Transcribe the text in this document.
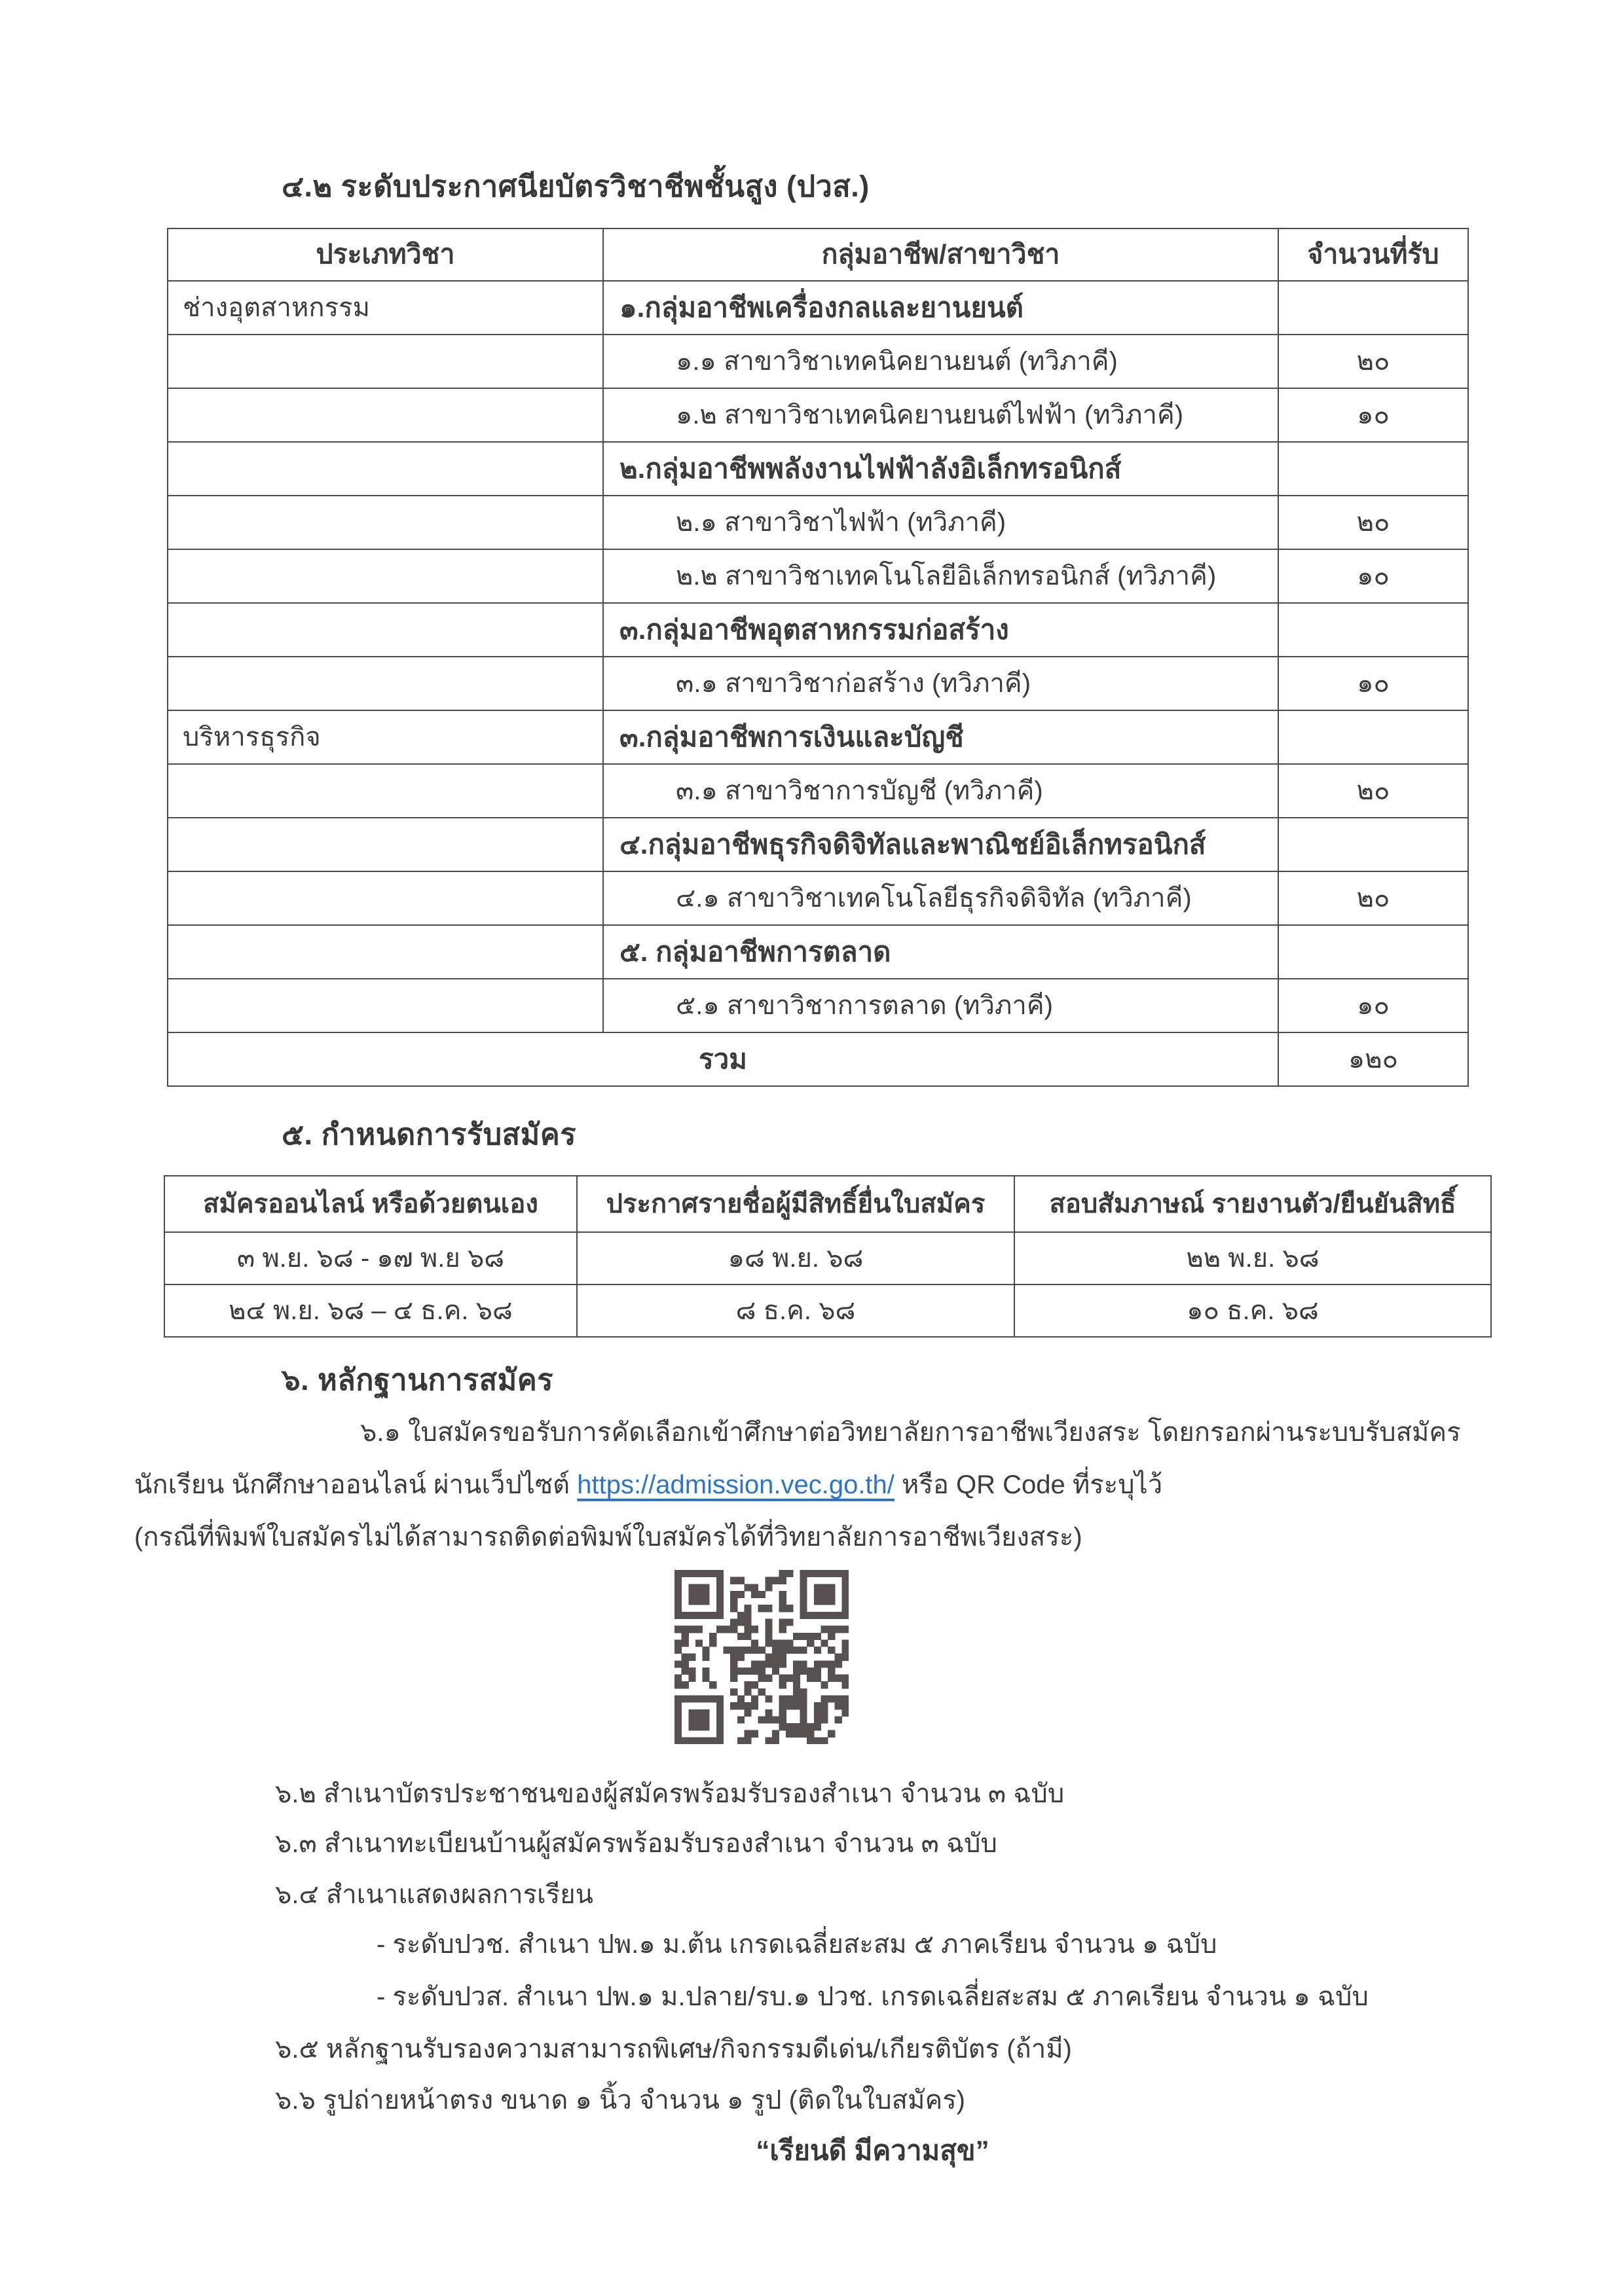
๔.๒ ระดับประกาศนียบัตรวิชาชีพชั้นสูง (ปวส.)
ประเภทวิชา	กลุ่มอาชีพ/สาขาวิชา	จำนวนที่รับ
ช่างอุตสาหกรรม	๑.กลุ่มอาชีพเครื่องกลและยานยนต์	
	๑.๑ สาขาวิชาเทคนิคยานยนต์ (ทวิภาคี)	๒๐
	๑.๒ สาขาวิชาเทคนิคยานยนต์ไฟฟ้า (ทวิภาคี)	๑๐
	๒.กลุ่มอาชีพพลังงานไฟฟ้าลังอิเล็กทรอนิกส์	
	๒.๑ สาขาวิชาไฟฟ้า (ทวิภาคี)	๒๐
	๒.๒ สาขาวิชาเทคโนโลยีอิเล็กทรอนิกส์ (ทวิภาคี)	๑๐
	๓.กลุ่มอาชีพอุตสาหกรรมก่อสร้าง	
	๓.๑ สาขาวิชาก่อสร้าง (ทวิภาคี)	๑๐
บริหารธุรกิจ	๓.กลุ่มอาชีพการเงินและบัญชี	
	๓.๑ สาขาวิชาการบัญชี (ทวิภาคี)	๒๐
	๔.กลุ่มอาชีพธุรกิจดิจิทัลและพาณิชย์อิเล็กทรอนิกส์	
	๔.๑ สาขาวิชาเทคโนโลยีธุรกิจดิจิทัล (ทวิภาคี)	๒๐
	๕. กลุ่มอาชีพการตลาด	
	๕.๑ สาขาวิชาการตลาด (ทวิภาคี)	๑๐
รวม		๑๒๐
๕. กำหนดการรับสมัคร
สมัครออนไลน์ หรือด้วยตนเอง	ประกาศรายชื่อผู้มีสิทธิ์ยื่นใบสมัคร	สอบสัมภาษณ์ รายงานตัว/ยืนยันสิทธิ์
๓ พ.ย. ๖๘ - ๑๗ พ.ย ๖๘	๑๘ พ.ย. ๖๘	๒๒ พ.ย. ๖๘
๒๔ พ.ย. ๖๘ – ๔ ธ.ค. ๖๘	๘ ธ.ค. ๖๘	๑๐ ธ.ค. ๖๘
๖. หลักฐานการสมัคร
๖.๑ ใบสมัครขอรับการคัดเลือกเข้าศึกษาต่อวิทยาลัยการอาชีพเวียงสระ โดยกรอกผ่านระบบรับสมัคร
นักเรียน นักศึกษาออนไลน์ ผ่านเว็ปไซต์ https://admission.vec.go.th/ หรือ QR Code ที่ระบุไว้
(กรณีที่พิมพ์ใบสมัครไม่ได้สามารถติดต่อพิมพ์ใบสมัครได้ที่วิทยาลัยการอาชีพเวียงสระ)
๖.๒ สำเนาบัตรประชาชนของผู้สมัครพร้อมรับรองสำเนา จำนวน ๓ ฉบับ
๖.๓ สำเนาทะเบียนบ้านผู้สมัครพร้อมรับรองสำเนา จำนวน ๓ ฉบับ
๖.๔ สำเนาแสดงผลการเรียน
- ระดับปวช. สำเนา ปพ.๑ ม.ต้น เกรดเฉลี่ยสะสม ๕ ภาคเรียน จำนวน ๑ ฉบับ
- ระดับปวส. สำเนา ปพ.๑ ม.ปลาย/รบ.๑ ปวช. เกรดเฉลี่ยสะสม ๕ ภาคเรียน จำนวน ๑ ฉบับ
๖.๕ หลักฐานรับรองความสามารถพิเศษ/กิจกรรมดีเด่น/เกียรติบัตร (ถ้ามี)
๖.๖ รูปถ่ายหน้าตรง ขนาด ๑ นิ้ว จำนวน ๑ รูป (ติดในใบสมัคร)
“เรียนดี มีความสุข”
